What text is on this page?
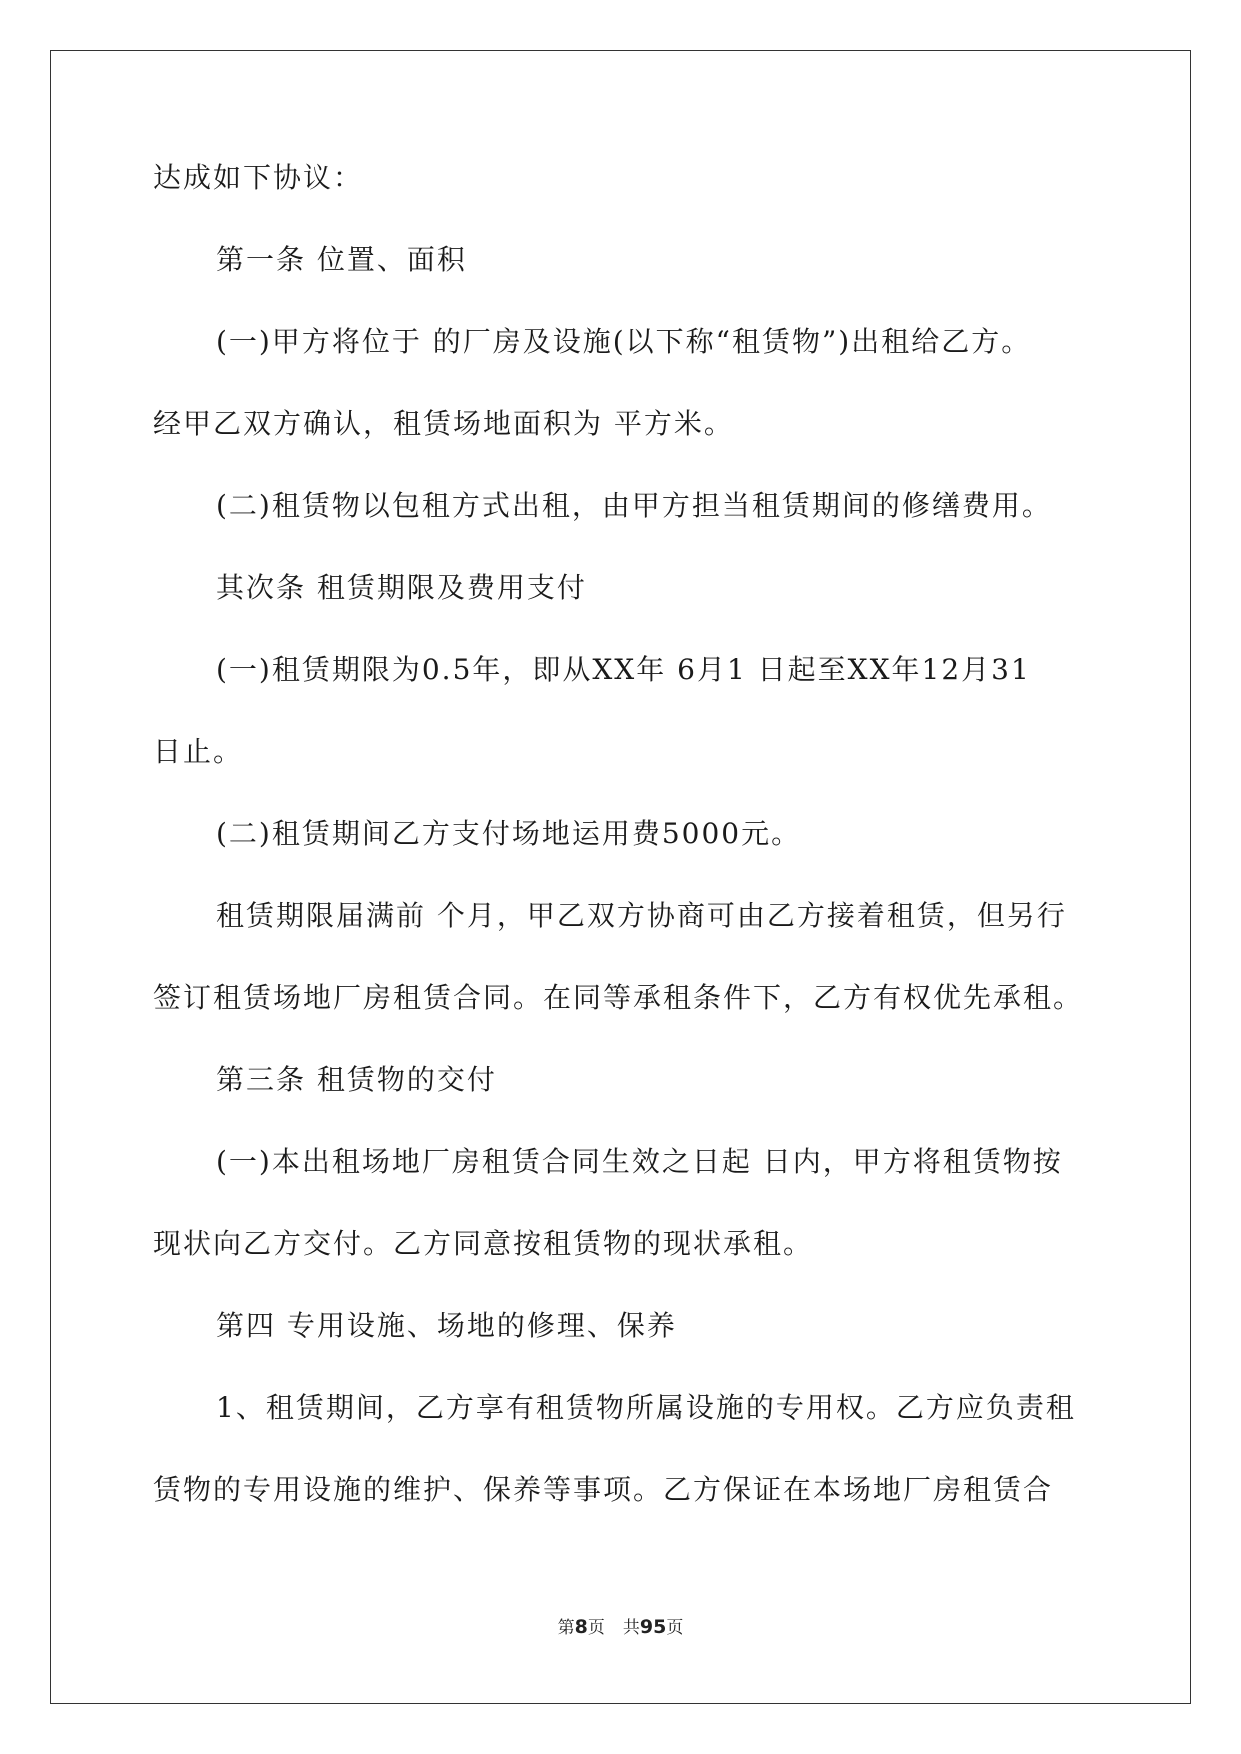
达成如下协议：
第一条 位置、面积
(一)甲方将位于 的厂房及设施(以下称“租赁物”)出租给乙方。
经甲乙双方确认，租赁场地面积为 平方米。
(二)租赁物以包租方式出租，由甲方担当租赁期间的修缮费用。
其次条 租赁期限及费用支付
(一)租赁期限为0.5年，即从XX年 6月1 日起至XX年12月31
日止。
(二)租赁期间乙方支付场地运用费5000元。
租赁期限届满前 个月，甲乙双方协商可由乙方接着租赁，但另行
签订租赁场地厂房租赁合同。在同等承租条件下，乙方有权优先承租。
第三条 租赁物的交付
(一)本出租场地厂房租赁合同生效之日起 日内，甲方将租赁物按
现状向乙方交付。乙方同意按租赁物的现状承租。
第四 专用设施、场地的修理、保养
1、租赁期间，乙方享有租赁物所属设施的专用权。乙方应负责租
赁物的专用设施的维护、保养等事项。乙方保证在本场地厂房租赁合
第8页 共95页
